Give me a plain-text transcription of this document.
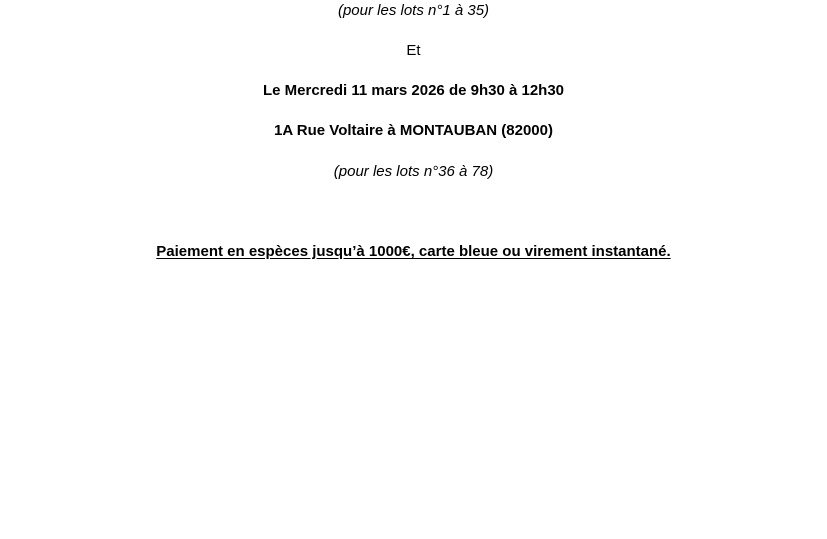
(pour les lots n°1 à 35)
Et
Le Mercredi 11 mars 2026 de 9h30 à 12h30
1A Rue Voltaire à MONTAUBAN (82000)
(pour les lots n°36 à 78)
Paiement en espèces jusqu’à 1000€, carte bleue ou virement instantané.
